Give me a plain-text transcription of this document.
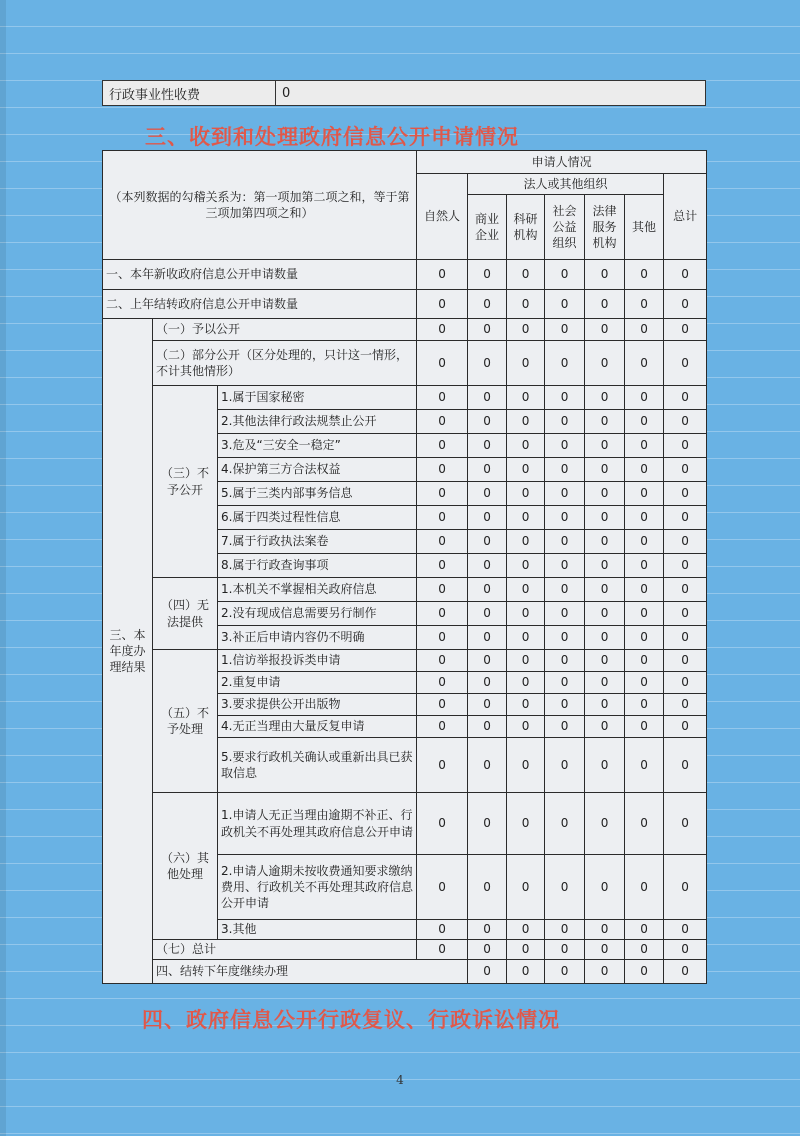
行政事业性收费	0
三、收到和处理政府信息公开申请情况
（本列数据的勾稽关系为：第一项加第二项之和，等于第三项加第四项之和）			申请人情况							
			自然人	法人或其他组织					总计	
				商业企业	科研机构	社会公益组织	法律服务机构	其他		
一、本年新收政府信息公开申请数量			0	0	0	0	0	0	0	
二、上年结转政府信息公开申请数量			0	0	0	0	0	0	0	
三、本年度办理结果	（一）予以公开		0	0	0	0	0	0	0	
	（二）部分公开（区分处理的，只计这一情形，不计其他情形）		0	0	0	0	0	0	0	
	（三）不予公开	1.属于国家秘密	0	0	0	0	0	0	0	
		2.其他法律行政法规禁止公开	0	0	0	0	0	0	0	
		3.危及“三安全一稳定”	0	0	0	0	0	0	0	
		4.保护第三方合法权益	0	0	0	0	0	0	0	
		5.属于三类内部事务信息	0	0	0	0	0	0	0	
		6.属于四类过程性信息	0	0	0	0	0	0	0	
		7.属于行政执法案卷	0	0	0	0	0	0	0	
		8.属于行政查询事项	0	0	0	0	0	0	0	
	（四）无法提供	1.本机关不掌握相关政府信息	0	0	0	0	0	0	0	
		2.没有现成信息需要另行制作	0	0	0	0	0	0	0	
		3.补正后申请内容仍不明确	0	0	0	0	0	0	0	
	（五）不予处理	1.信访举报投诉类申请	0	0	0	0	0	0	0	
		2.重复申请	0	0	0	0	0	0	0	
		3.要求提供公开出版物	0	0	0	0	0	0	0	
		4.无正当理由大量反复申请	0	0	0	0	0	0	0	
		5.要求行政机关确认或重新出具已获取信息	0	0	0	0	0	0	0	
	（六）其他处理	1.申请人无正当理由逾期不补正、行政机关不再处理其政府信息公开申请	0	0	0	0	0	0	0	
		2.申请人逾期未按收费通知要求缴纳费用、行政机关不再处理其政府信息公开申请	0	0	0	0	0	0	0	
		3.其他	0	0	0	0	0	0	0	
	（七）总计		0	0	0	0	0	0	0	
	四、结转下年度继续办理			0	0	0	0	0	0	
四、政府信息公开行政复议、行政诉讼情况
4
